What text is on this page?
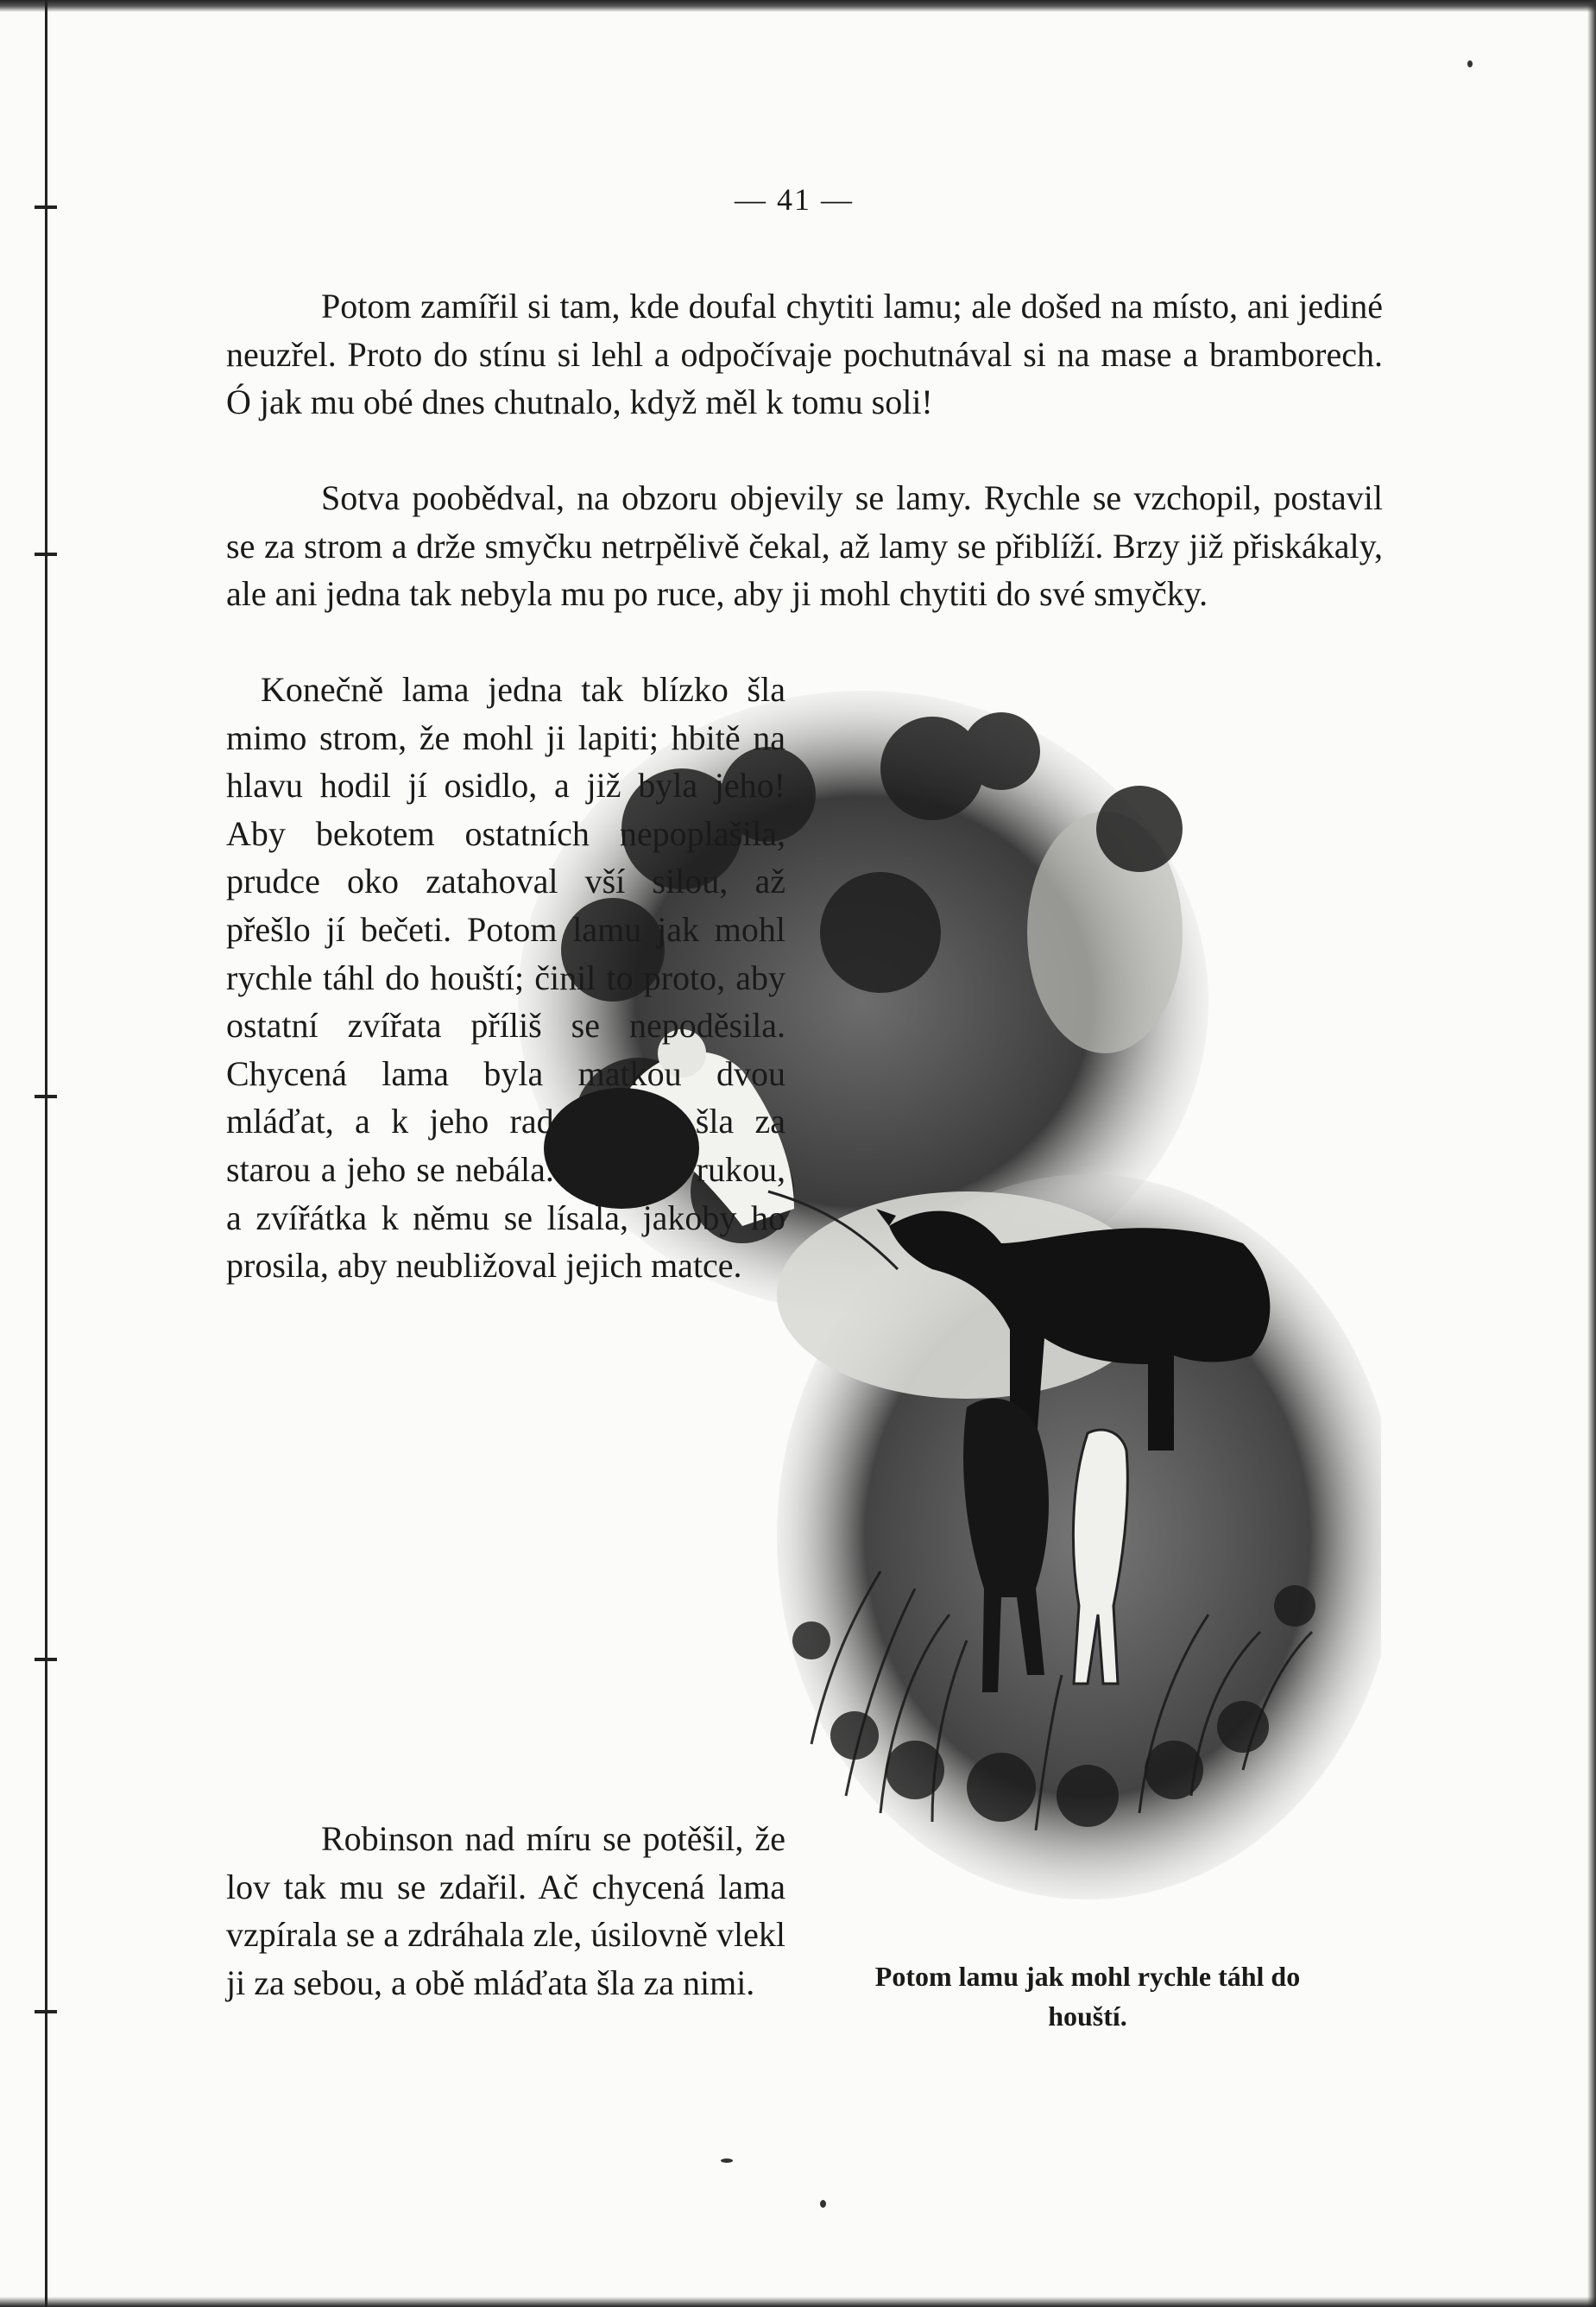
— 41 —

Potom zamířil si tam, kde doufal chytiti lamu; ale došed na místo, ani jediné neuzřel. Proto do stínu si lehl a odpočívaje pochutnával si na mase a bramborech. Ó jak mu obé dnes chutnalo, když měl k tomu soli!

Sotva poobědval, na obzoru objevily se lamy. Rychle se vzchopil, postavil se za strom a drže smyčku netrpělivě čekal, až lamy se přiblíží. Brzy již přiskákaly, ale ani jedna tak nebyla mu po ruce, aby ji mohl chytiti do své smyčky.

Konečně lama jedna tak blízko šla mimo strom, že mohl ji lapiti; hbitě na hlavu hodil jí osidlo, a již byla jeho! Aby bekotem ostatních nepoplašila, prudce oko zatahoval vší silou, až přešlo jí bečeti. Potom lamu jak mohl rychle táhl do houští; činil to proto, aby ostatní zvířata příliš se nepoděsila. Chycená lama byla matkou dvou mláďat, a k jeho radosti obě šla za starou a jeho se nebála. Hladil je rukou, a zvířátka k němu se lísala, jakoby ho prosila, aby neubližoval jejich matce.

Robinson nad míru se potěšil, že lov tak mu se zdařil. Ač chycená lama vzpírala se a zdráhala zle, úsilovně vlekl ji za sebou, a obě mláďata šla za nimi.	Potom lamu jak mohl rychle táhl do houští.
